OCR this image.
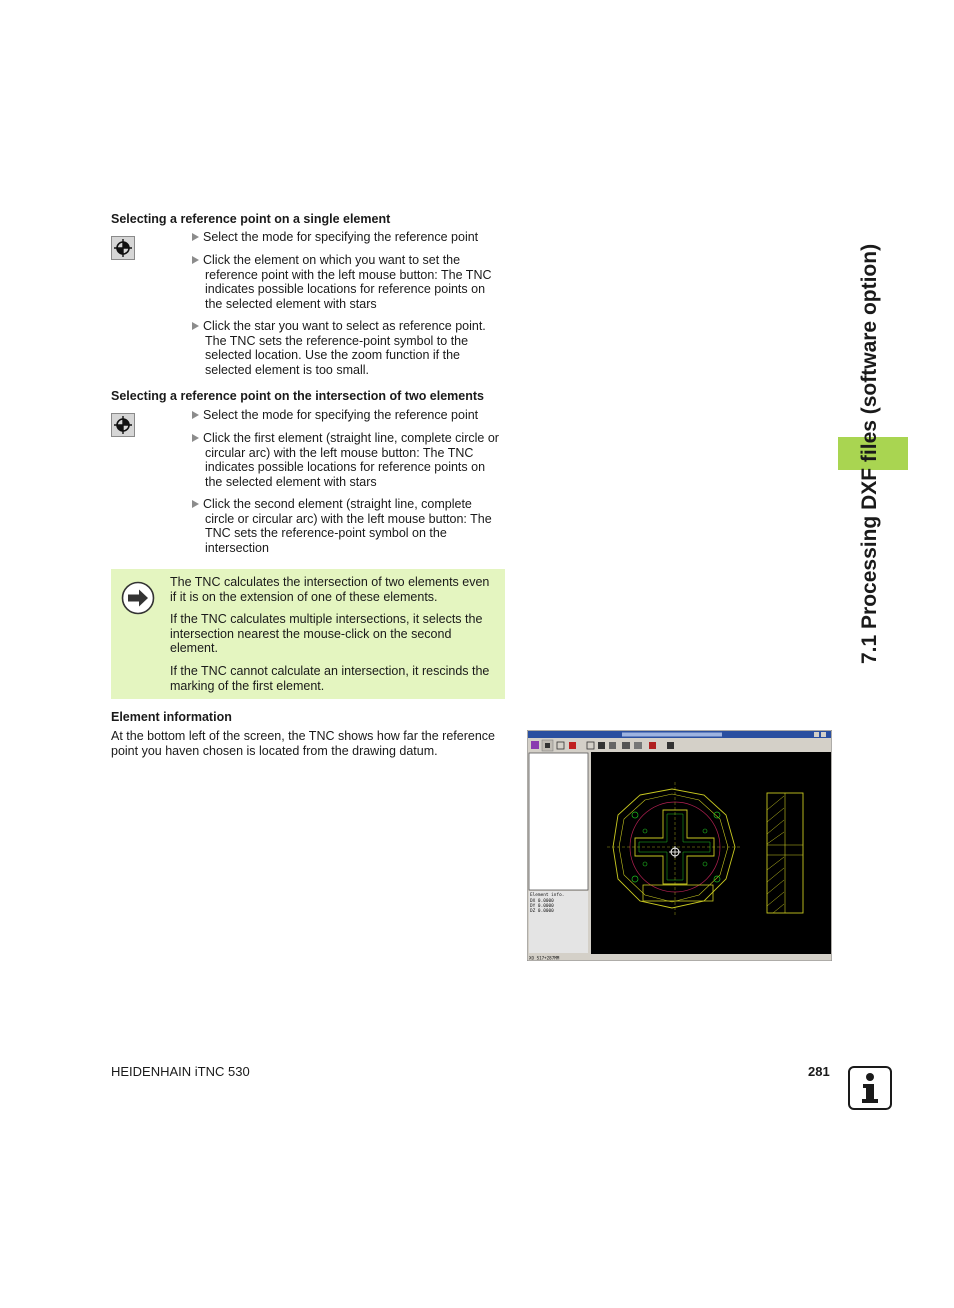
Selecting a reference point on a single element
Select the mode for specifying the reference point
Click the element on which you want to set the
reference point with the left mouse button: The TNC
indicates possible locations for reference points on
the selected element with stars
Click the star you want to select as reference point.
The TNC sets the reference-point symbol to the
selected location. Use the zoom function if the
selected element is too small.
Selecting a reference point on the intersection of two elements
Select the mode for specifying the reference point
Click the first element (straight line, complete circle or
circular arc) with the left mouse button: The TNC
indicates possible locations for reference points on
the selected element with stars
Click the second element (straight line, complete
circle or circular arc) with the left mouse button: The
TNC sets the reference-point symbol on the
intersection
The TNC calculates the intersection of two elements even
if it is on the extension of one of these elements.
If the TNC calculates multiple intersections, it selects the
intersection nearest the mouse-click on the second
element.
If the TNC cannot calculate an intersection, it rescinds the
marking of the first element.
Element information
At the bottom left of the screen, the TNC shows how far the reference
point you haven chosen is located from the drawing datum.
Element info.
DX 0.0000
DY 0.0000
DZ 0.0000
XO S17+287MM
7.1 Processing DXF files (software option)
HEIDENHAIN iTNC 530	281
